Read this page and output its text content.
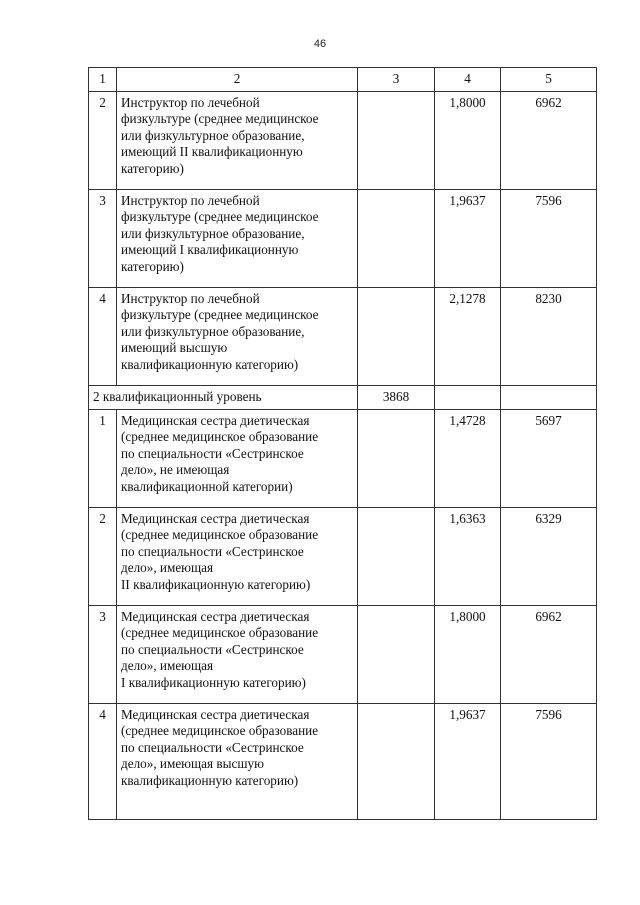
46
1	2	3	4	5
2	Инструктор по лечебной
физкультуре (среднее медицинское
или физкультурное образование,
имеющий II квалификационную
категорию)		1,8000	6962
3	Инструктор по лечебной
физкультуре (среднее медицинское
или физкультурное образование,
имеющий I квалификационную
категорию)		1,9637	7596
4	Инструктор по лечебной
физкультуре (среднее медицинское
или физкультурное образование,
имеющий высшую
квалификационную категорию)		2,1278	8230
2 квалификационный уровень		3868		
1	Медицинская сестра диетическая
(среднее медицинское образование
по специальности «Сестринское
дело», не имеющая
квалификационной категории)		1,4728	5697
2	Медицинская сестра диетическая
(среднее медицинское образование
по специальности «Сестринское
дело», имеющая
II квалификационную категорию)		1,6363	6329
3	Медицинская сестра диетическая
(среднее медицинское образование
по специальности «Сестринское
дело», имеющая
I квалификационную категорию)		1,8000	6962
4	Медицинская сестра диетическая
(среднее медицинское образование
по специальности «Сестринское
дело», имеющая высшую
квалификационную категорию)		1,9637	7596
